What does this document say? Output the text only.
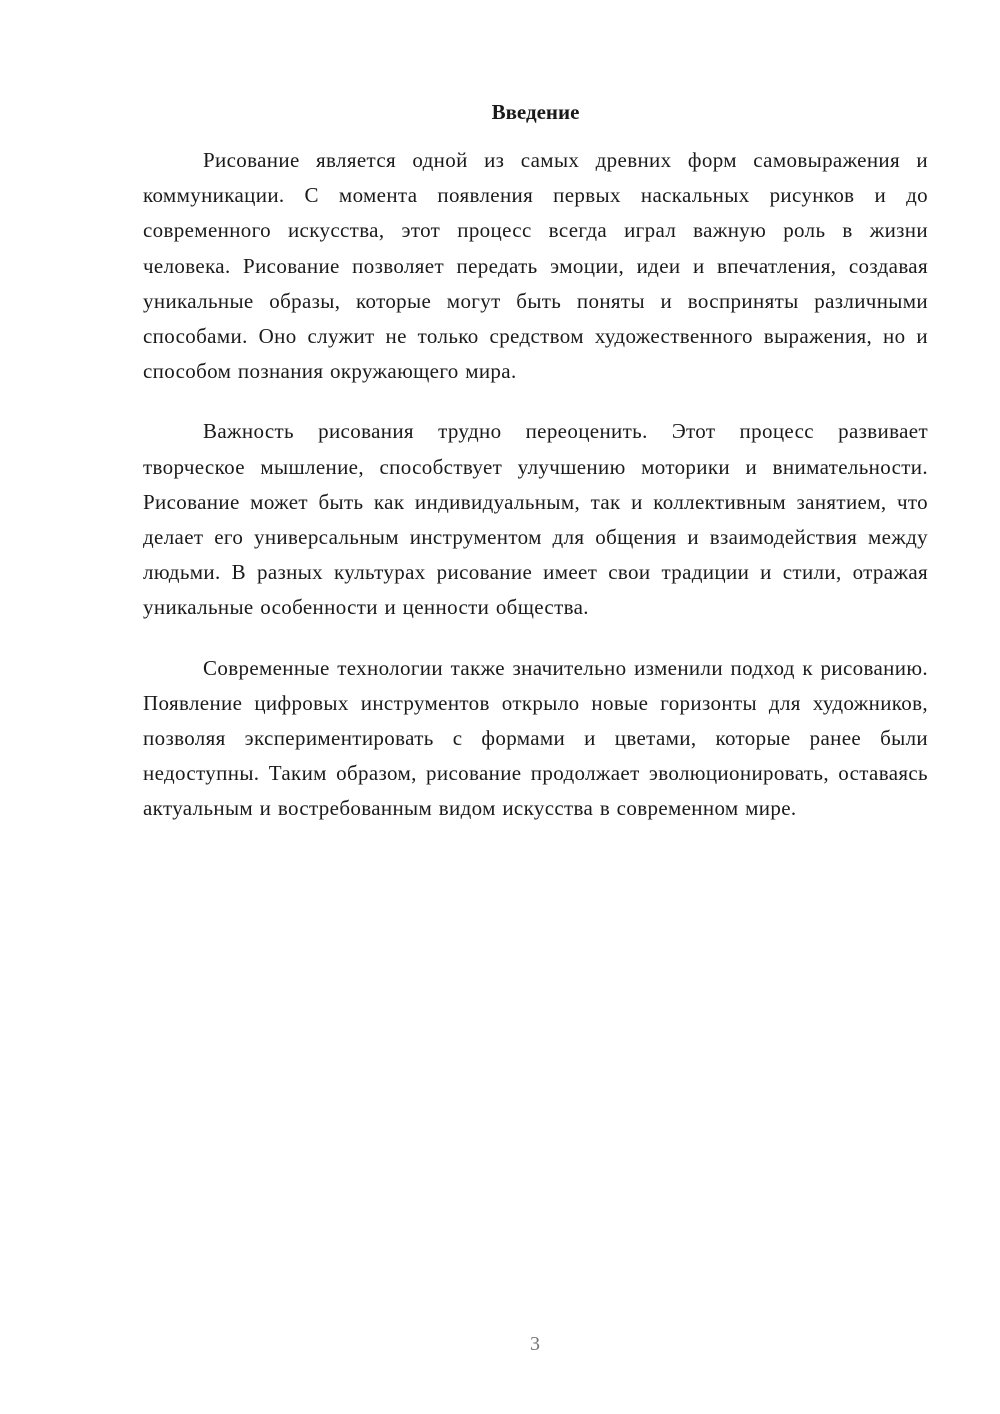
Введение

Рисование является одной из самых древних форм самовыражения и коммуникации. С момента появления первых наскальных рисунков и до современного искусства, этот процесс всегда играл важную роль в жизни человека. Рисование позволяет передать эмоции, идеи и впечатления, создавая уникальные образы, которые могут быть поняты и восприняты различными способами. Оно служит не только средством художественного выражения, но и способом познания окружающего мира.

Важность рисования трудно переоценить. Этот процесс развивает творческое мышление, способствует улучшению моторики и внимательности. Рисование может быть как индивидуальным, так и коллективным занятием, что делает его универсальным инструментом для общения и взаимодействия между людьми. В разных культурах рисование имеет свои традиции и стили, отражая уникальные особенности и ценности общества.

Современные технологии также значительно изменили подход к рисованию. Появление цифровых инструментов открыло новые горизонты для художников, позволяя экспериментировать с формами и цветами, которые ранее были недоступны. Таким образом, рисование продолжает эволюционировать, оставаясь актуальным и востребованным видом искусства в современном мире.

3
